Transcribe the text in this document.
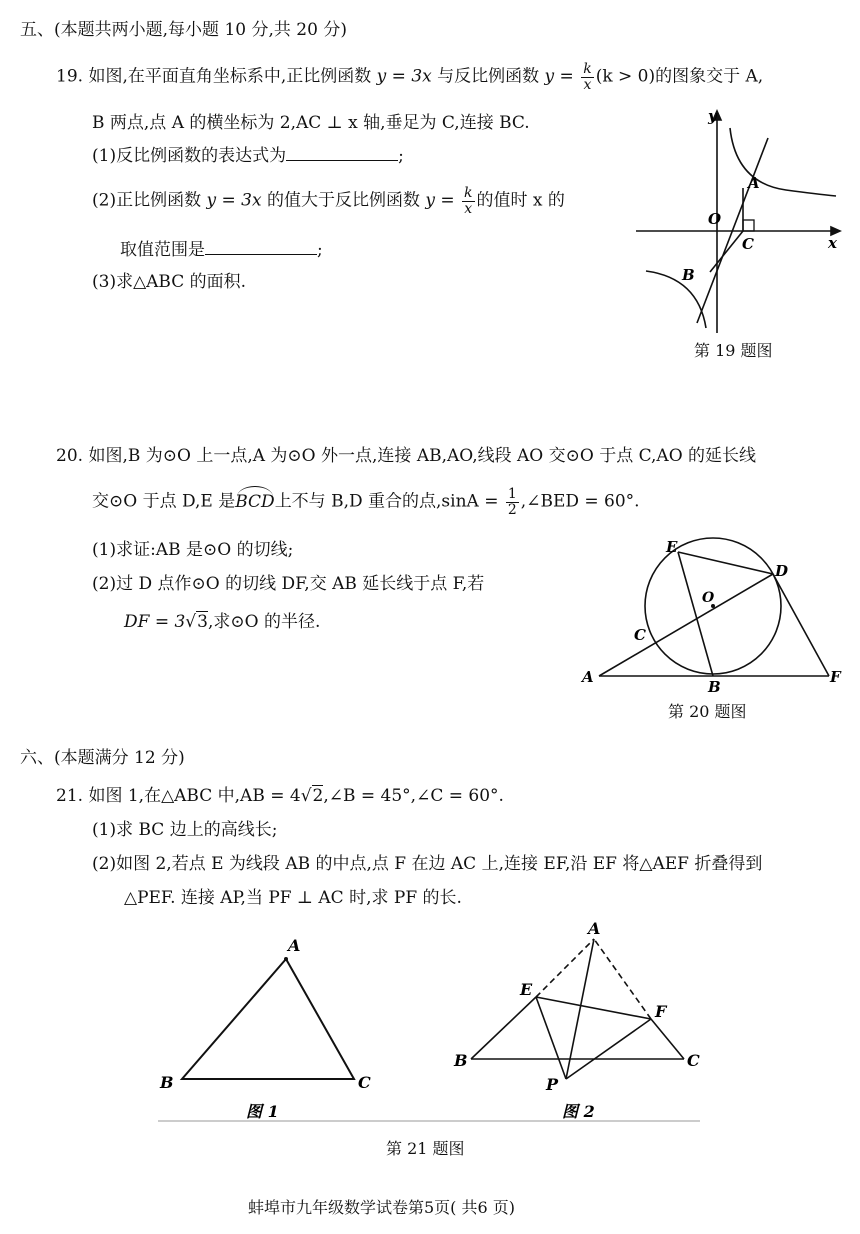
五、(本题共两小题,每小题 10 分,共 20 分)
19. 如图,在平面直角坐标系中,正比例函数 y = 3x 与反比例函数 $y = \frac{k}{x} (k > 0)$的图象交于 A,
B 两点,点 A 的横坐标为 2,AC ⊥ x 轴,垂足为 C,连接 BC.
(1)反比例函数的表达式为	;
(2)正比例函数 y = 3x 的值大于反比例函数 $y = \frac{k}{x}$ 的值时 x 的
取值范围是	;
(3)求△ABC 的面积.
y
x
O
A
C
B
第 19 题图
20. 如图,B 为⊙O 上一点,A 为⊙O 外一点,连接 AB,AO,线段 AO 交⊙O 于点 C,AO 的延长线
交⊙O 于点 D,E 是BCD上不与 B,D 重合的点$,\sin A = \frac{1}{2}$ ,∠BED = 60°.
(1)求证:AB 是⊙O 的切线;
(2)过 D 点作⊙O 的切线 DF,交 AB 延长线于点 F,若
DF = 3√3,求⊙O 的半径.
E
D
O
C
A
B
F
第 20 题图
六、(本题满分 12 分)
21. 如图 1,在△ABC 中,AB = 4√2,∠B = 45°,∠C = 60°.
(1)求 BC 边上的高线长;
(2)如图 2,若点 E 为线段 AB 的中点,点 F 在边 AC 上,连接 EF,沿 EF 将△AEF 折叠得到
△PEF. 连接 AP,当 PF ⊥ AC 时,求 PF 的长.
A
B	C
A
E
F
B	C
P
图 1	图 2
第 21 题图
蚌埠市九年级数学试卷第5页( 共6 页)
